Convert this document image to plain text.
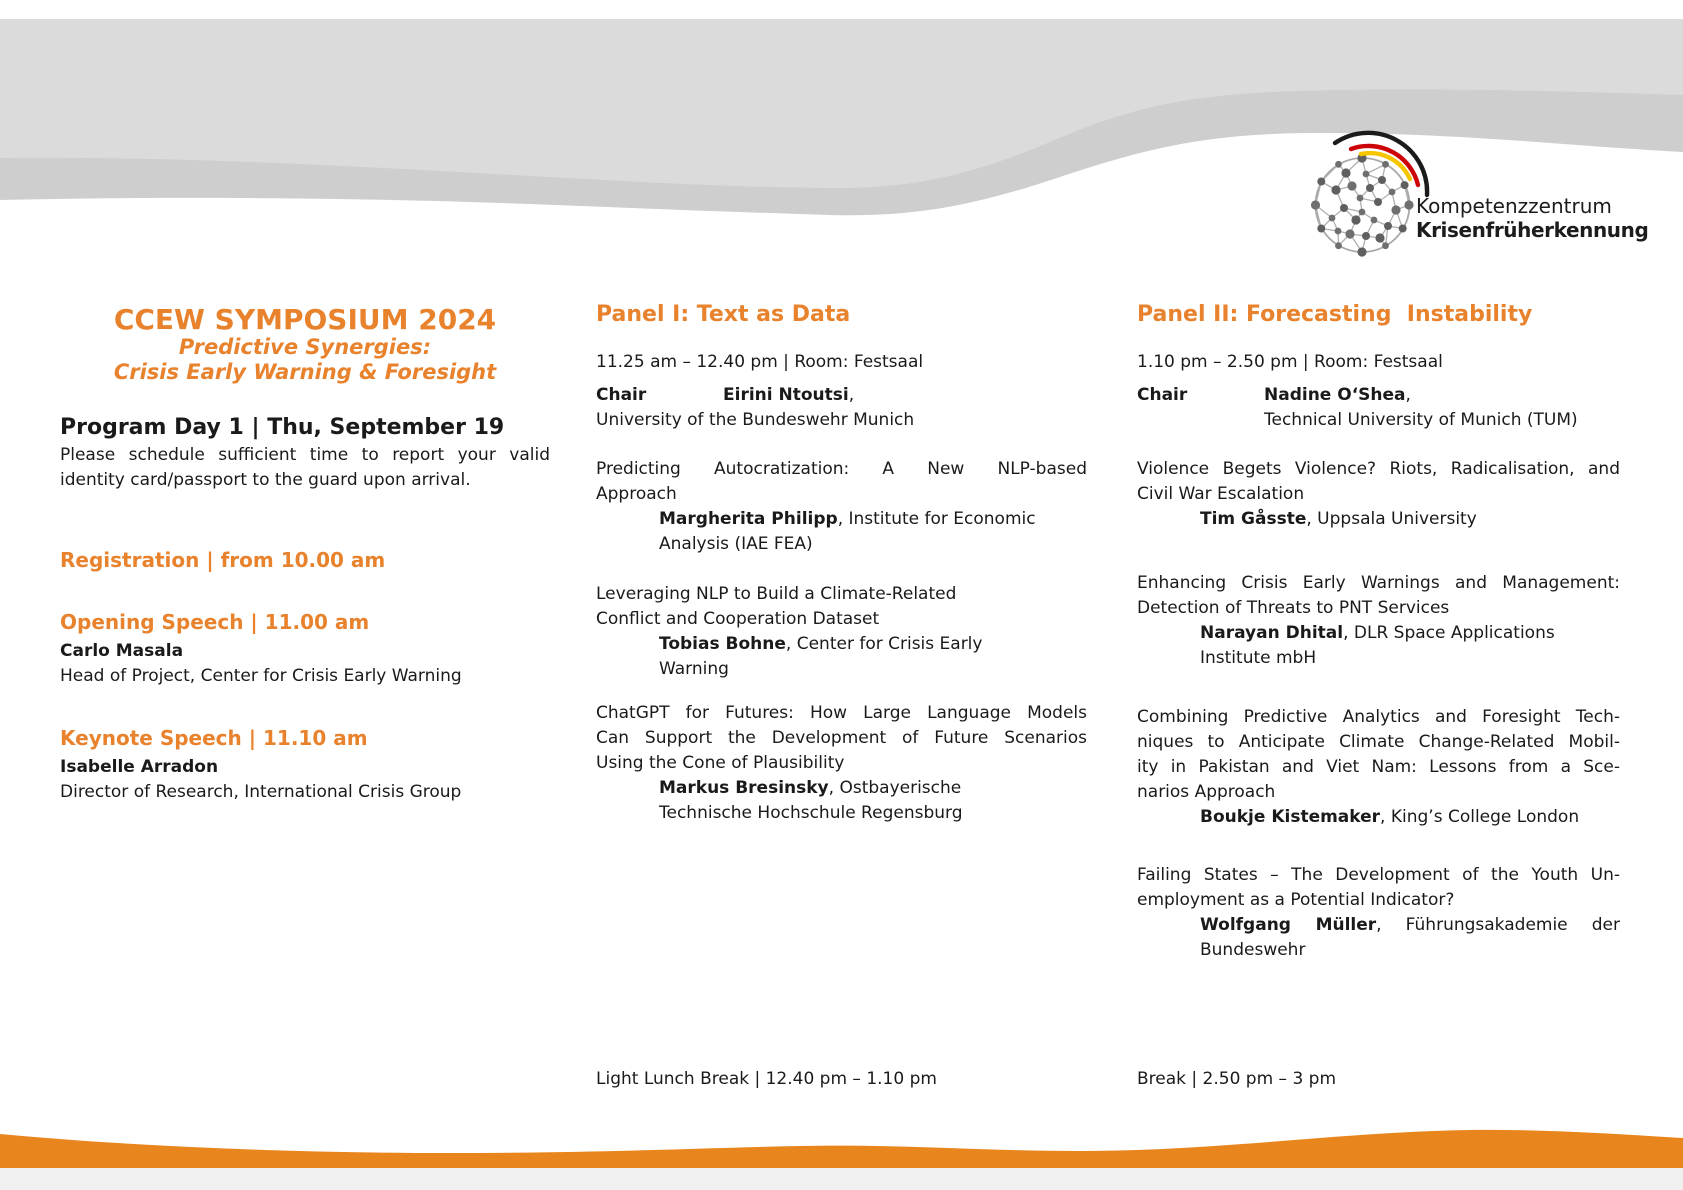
Kompetenzzentrum
Krisenfrüherkennung
CCEW SYMPOSIUM 2024
Predictive Synergies:
Crisis Early Warning & Foresight
Program Day 1 | Thu, September 19
Please schedule sufficient time to report your valid
identity card/passport to the guard upon arrival.
Registration | from 10.00 am
Opening Speech | 11.00 am
Carlo Masala
Head of Project, Center for Crisis Early Warning
Keynote Speech | 11.10 am
Isabelle Arradon
Director of Research, International Crisis Group
Panel I: Text as Data
11.25 am – 12.40 pm | Room: Festsaal
Chair	Eirini Ntoutsi,
University of the Bundeswehr Munich
Predicting Autocratization: A New NLP-based
Approach
Margherita Philipp, Institute for Economic
Analysis (IAE FEA)
Leveraging NLP to Build a Climate-Related
Conflict and Cooperation Dataset
Tobias Bohne, Center for Crisis Early
Warning
ChatGPT for Futures: How Large Language Models
Can Support the Development of Future Scenarios
Using the Cone of Plausibility
Markus Bresinsky, Ostbayerische
Technische Hochschule Regensburg
Panel II: Forecasting  Instability
1.10 pm – 2.50 pm | Room: Festsaal
Chair	Nadine O‘Shea,
Technical University of Munich (TUM)
Violence Begets Violence? Riots, Radicalisation, and
Civil War Escalation
Tim Gåsste, Uppsala University
Enhancing Crisis Early Warnings and Management:
Detection of Threats to PNT Services
Narayan Dhital, DLR Space Applications
Institute mbH
Combining Predictive Analytics and Foresight Tech-
niques to Anticipate Climate Change-Related Mobil-
ity in Pakistan and Viet Nam: Lessons from a Sce-
narios Approach
Boukje Kistemaker, King’s College London
Failing States – The Development of the Youth Un-
employment as a Potential Indicator?
Wolfgang Müller, Führungsakademie der
Bundeswehr
Light Lunch Break | 12.40 pm – 1.10 pm	Break | 2.50 pm – 3 pm
